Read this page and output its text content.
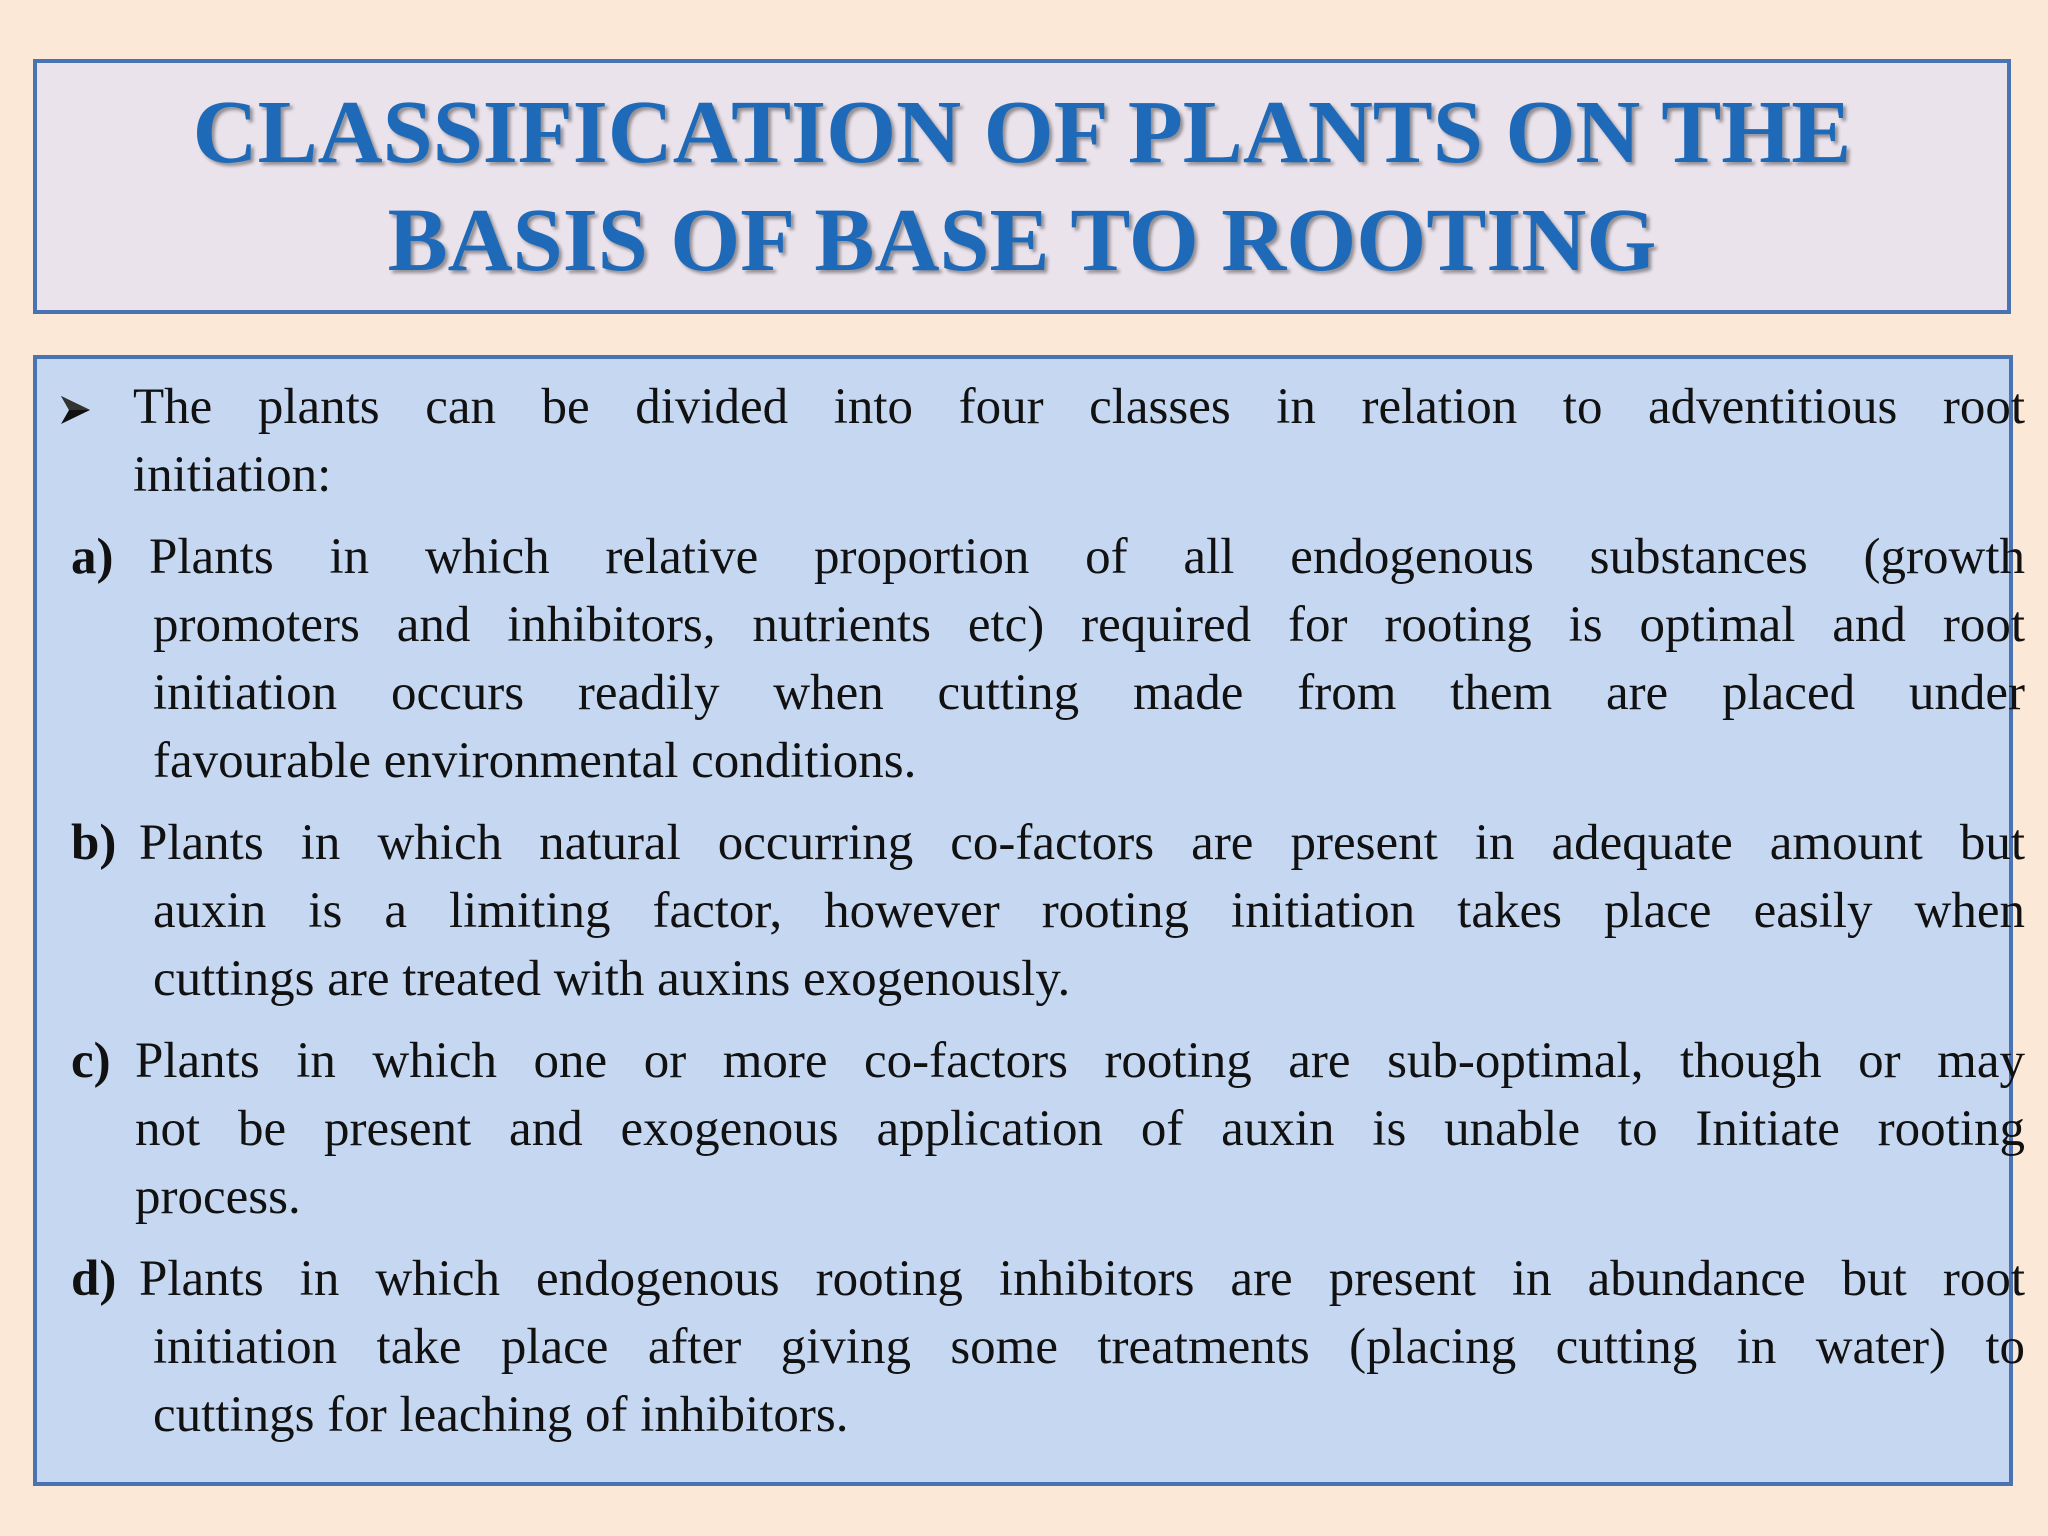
CLASSIFICATION OF PLANTS ON THE
BASIS OF BASE TO ROOTING
The plants can be divided into four classes in relation to adventitious root
initiation:
a) Plants in which relative proportion of all endogenous substances (growth
promoters and inhibitors, nutrients etc) required for rooting is optimal and root
initiation occurs readily when cutting made from them are placed under
favourable environmental conditions.
b) Plants in which natural occurring co-factors are present in adequate amount but
auxin is a limiting factor, however rooting initiation takes place easily when
cuttings are treated with auxins exogenously.
c) Plants in which one or more co-factors rooting are sub-optimal, though or may
not be present and exogenous application of auxin is unable to Initiate rooting
process.
d) Plants in which endogenous rooting inhibitors are present in abundance but root
initiation take place after giving some treatments (placing cutting in water) to
cuttings for leaching of inhibitors.
